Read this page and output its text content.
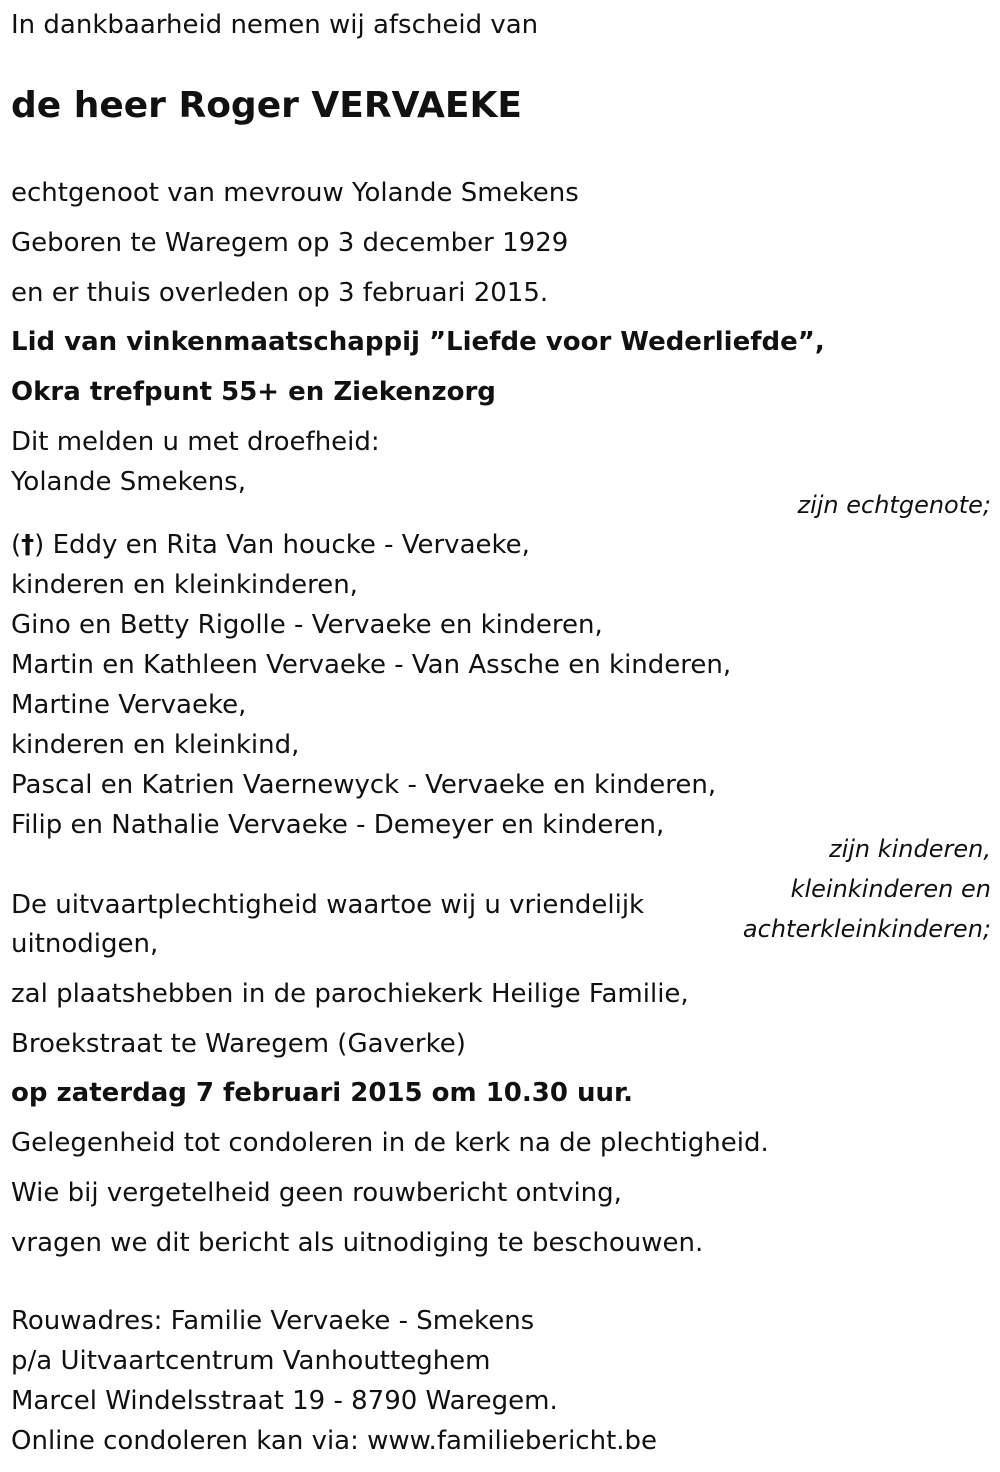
In dankbaarheid nemen wij afscheid van
de heer Roger VERVAEKE
echtgenoot van mevrouw Yolande Smekens
Geboren te Waregem op 3 december 1929
en er thuis overleden op 3 februari 2015.
Lid van vinkenmaatschappij ”Liefde voor Wederliefde”,
Okra trefpunt 55+ en Ziekenzorg
Dit melden u met droefheid:
Yolande Smekens,
zijn echtgenote;
(†) Eddy en Rita Van houcke - Vervaeke,
kinderen en kleinkinderen,
Gino en Betty Rigolle - Vervaeke en kinderen,
Martin en Kathleen Vervaeke - Van Assche en kinderen,
Martine Vervaeke,
kinderen en kleinkind,
Pascal en Katrien Vaernewyck - Vervaeke en kinderen,
Filip en Nathalie Vervaeke - Demeyer en kinderen,
zijn kinderen,
kleinkinderen en
achterkleinkinderen;
De uitvaartplechtigheid waartoe wij u vriendelijk
uitnodigen,
zal plaatshebben in de parochiekerk Heilige Familie,
Broekstraat te Waregem (Gaverke)
op zaterdag 7 februari 2015 om 10.30 uur.
Gelegenheid tot condoleren in de kerk na de plechtigheid.
Wie bij vergetelheid geen rouwbericht ontving,
vragen we dit bericht als uitnodiging te beschouwen.
Rouwadres: Familie Vervaeke - Smekens
p/a Uitvaartcentrum Vanhoutteghem
Marcel Windelsstraat 19 - 8790 Waregem.
Online condoleren kan via: www.familiebericht.be
